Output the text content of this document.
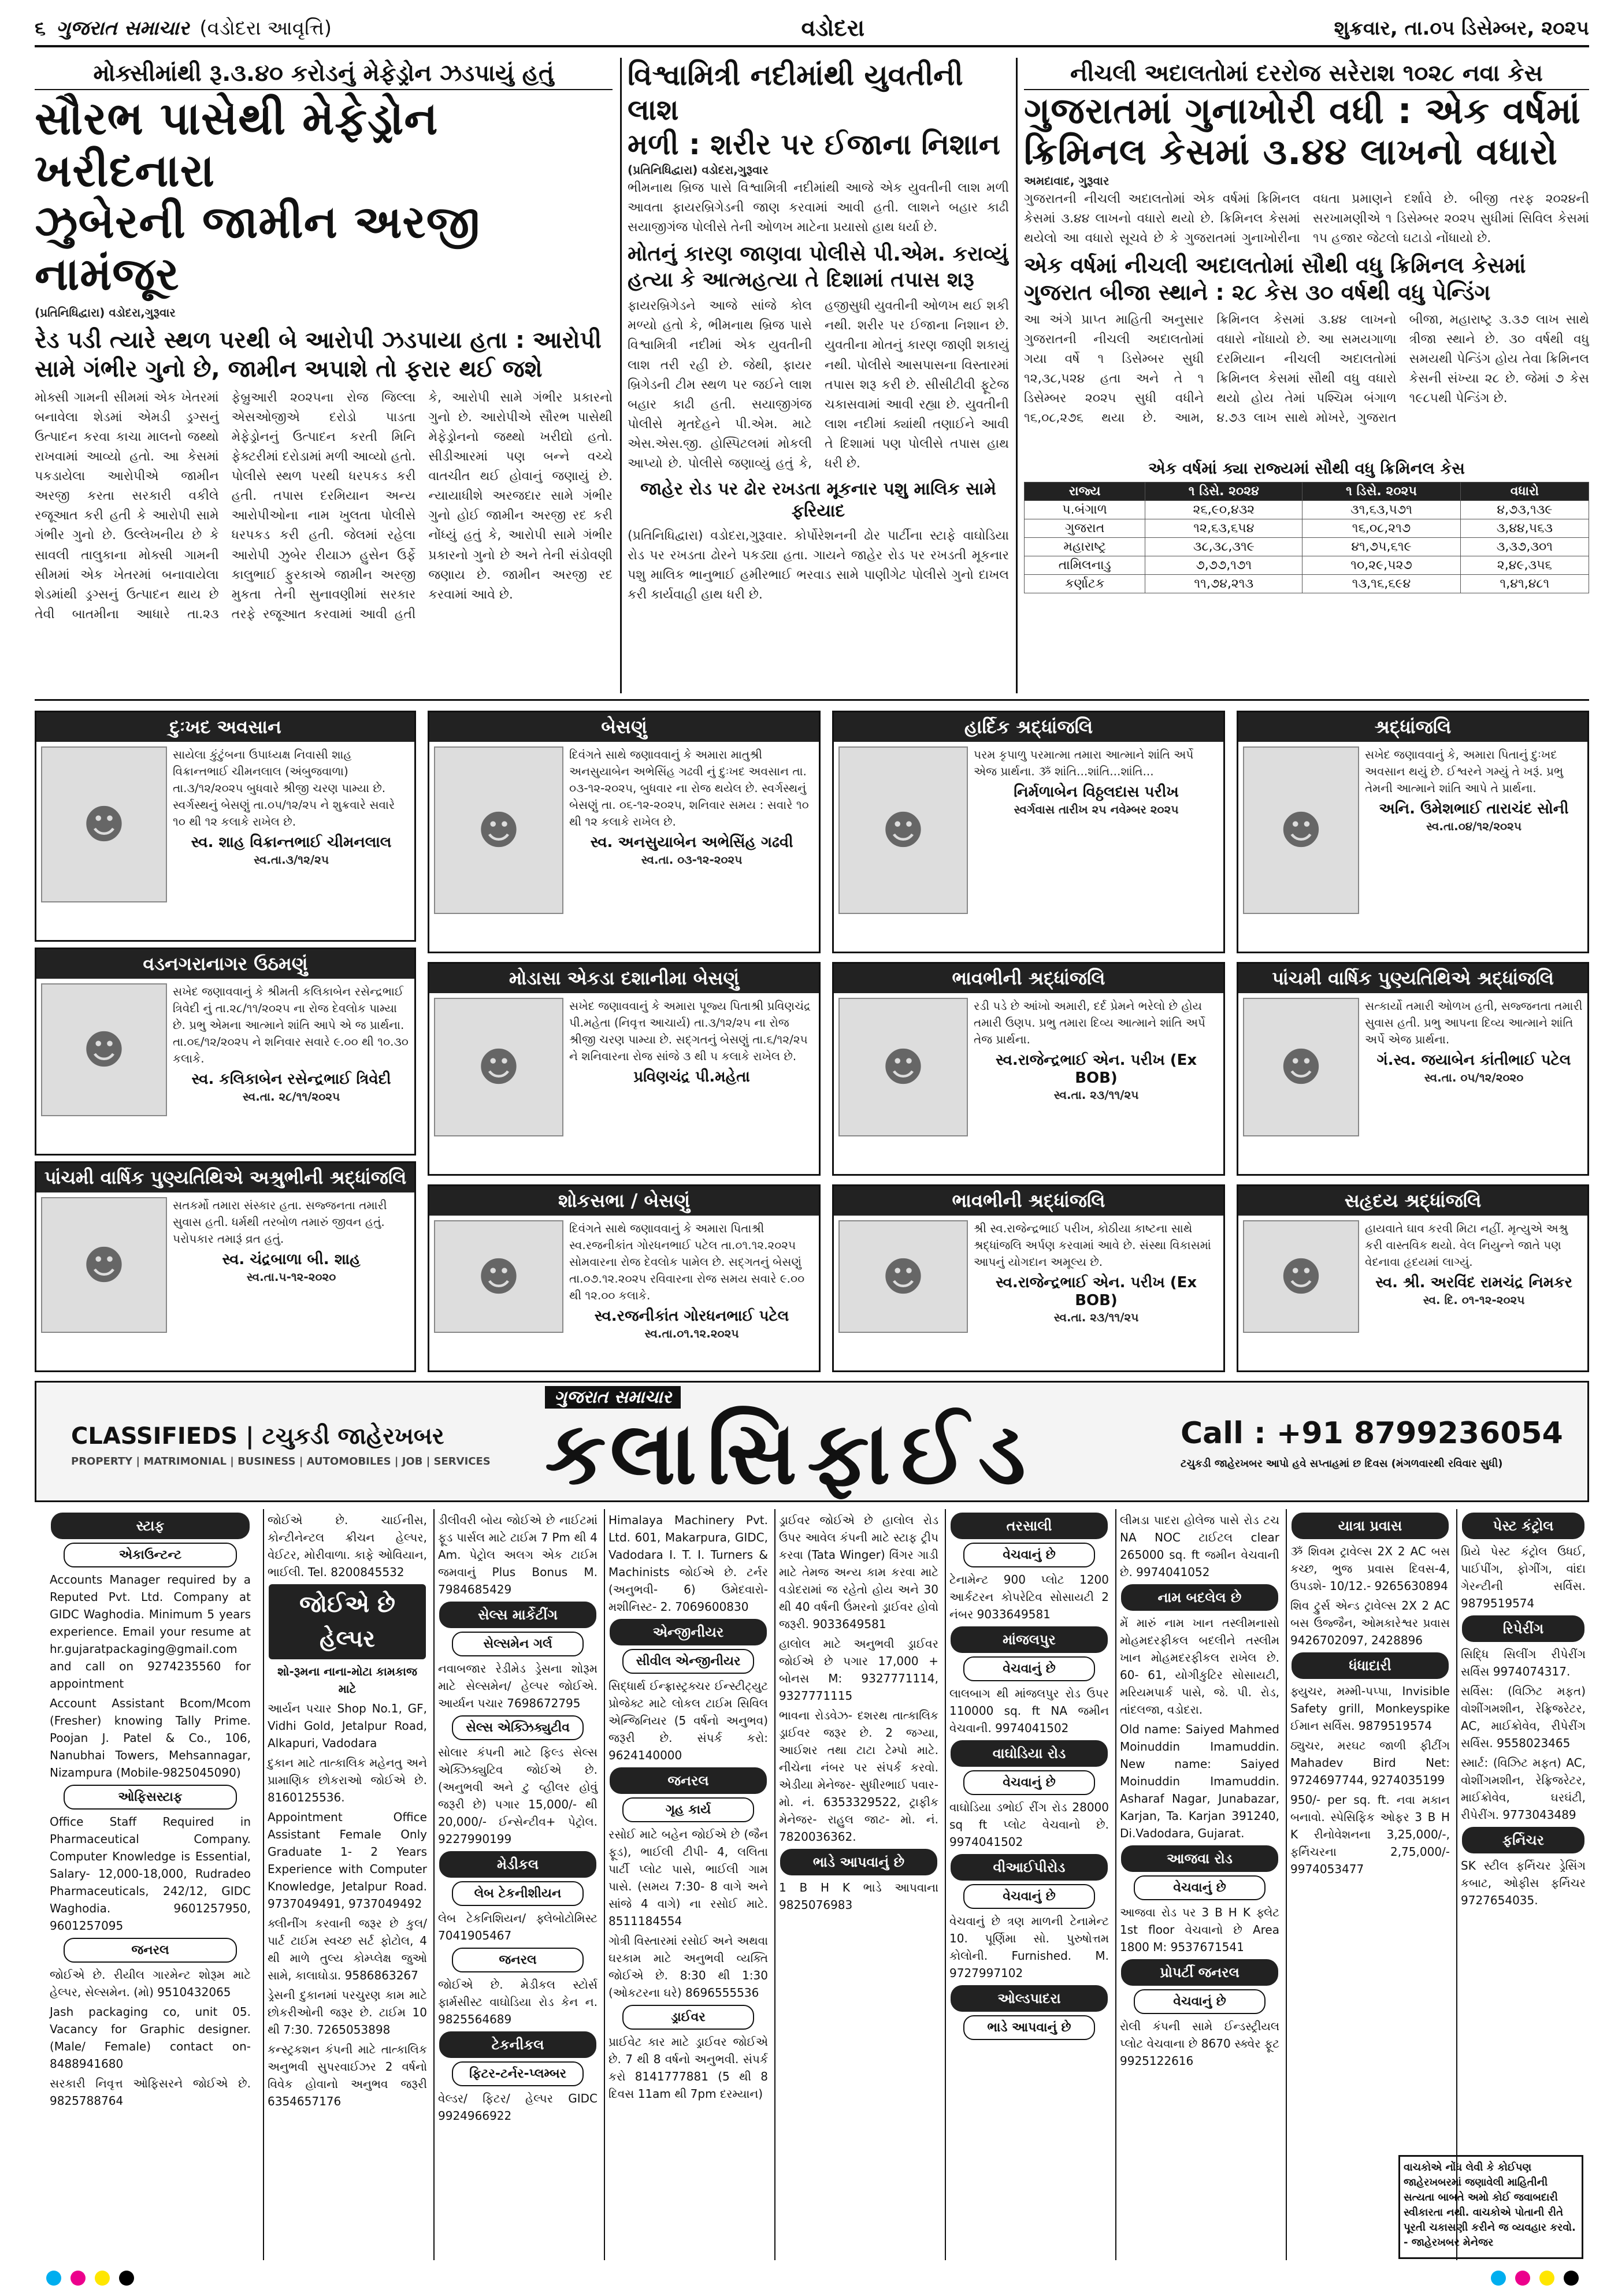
૬ ગુજરાત સમાચાર (વડોદરા આવૃત્તિ)	વડોદરા	શુક્રવાર, તા.૦૫ ડિસેમ્બર, ૨૦૨૫
મોક્સીમાંથી રૂ.૩.૪૦ કરોડનું મેફેડ્રોન ઝડપાયું હતું
સૌરભ પાસેથી મેફેડ્રોન ખરીદનારા
ઝુબેરની જામીન અરજી નામંજૂર
(પ્રતિનિધિદ્વારા) વડોદરા,ગુરૂવાર
રેડ પડી ત્યારે સ્થળ પરથી બે આરોપી ઝડપાયા હતા : આરોપી સામે ગંભીર ગુનો છે, જામીન અપાશે તો ફરાર થઈ જશે
મોક્સી ગામની સીમમાં એક ખેતરમાં બનાવેલા શેડમાં એમડી ડ્રગ્સનું ઉત્પાદન કરવા કાચા માલનો જથ્થો રાખવામાં આવ્યો હતો. આ કેસમાં પકડાયેલા આરોપીએ જામીન અરજી કરતા સરકારી વકીલે રજૂઆત કરી હતી કે આરોપી સામે ગંભીર ગુનો છે. ઉલ્લેખનીય છે કે સાવલી તાલુકાના મોક્સી ગામની સીમમાં એક ખેતરમાં બનાવાયેલા શેડમાંથી ડ્રગ્સનું ઉત્પાદન થાય છે તેવી બાતમીના આધારે તા.૨૩ ફેબ્રુઆરી ૨૦૨૫ના રોજ જિલ્લા એસઓજીએ દરોડો પાડતા મેફેડ્રોનનું ઉત્પાદન કરતી મિનિ ફેક્ટરીમાં દરોડામાં મળી આવ્યો હતો. પોલીસે સ્થળ પરથી ધરપકડ કરી હતી. તપાસ દરમિયાન અન્ય આરોપીઓના નામ ખુલતા પોલીસે ધરપકડ કરી હતી. જેલમાં રહેલા આરોપી ઝુબેર રીયાઝ હુસેન ઉર્ફે કાલુભાઈ ફુરકાએ જામીન અરજી મુકતા તેની સુનાવણીમાં સરકાર તરફે રજૂઆત કરવામાં આવી હતી કે, આરોપી સામે ગંભીર પ્રકારનો ગુનો છે. આરોપીએ સૌરભ પાસેથી મેફેડ્રોનનો જથ્થો ખરીદ્યો હતો. સીડીઆરમાં પણ બન્ને વચ્ચે વાતચીત થઈ હોવાનું જણાયું છે. ન્યાયાધીશે અરજદાર સામે ગંભીર ગુનો હોઈ જામીન અરજી રદ કરી નોંધ્યું હતું કે, આરોપી સામે ગંભીર પ્રકારનો ગુનો છે અને તેની સંડોવણી જણાય છે. જામીન અરજી રદ કરવામાં આવે છે.
વિશ્વામિત્રી નદીમાંથી યુવતીની લાશ
મળી : શરીર પર ઈજાના નિશાન
(પ્રતિનિધિદ્વારા) વડોદરા,ગુરૂવાર
ભીમનાથ બ્રિજ પાસે વિશ્વામિત્રી નદીમાંથી આજે એક યુવતીની લાશ મળી આવતા ફાયરબ્રિગેડની જાણ કરવામાં આવી હતી. લાશને બહાર કાઢી સયાજીગંજ પોલીસે તેની ઓળખ માટેના પ્રયાસો હાથ ધર્યા છે.
મોતનું કારણ જાણવા પોલીસે પી.એમ. કરાવ્યું હત્યા કે આત્મહત્યા તે દિશામાં તપાસ શરૂ
ફાયરબ્રિગેડને આજે સાંજે કોલ મળ્યો હતો કે, ભીમનાથ બ્રિજ પાસે વિશ્વામિત્રી નદીમાં એક યુવતીની લાશ તરી રહી છે. જેથી, ફાયર બ્રિગેડની ટીમ સ્થળ પર જઈને લાશ બહાર કાઢી હતી. સયાજીગંજ પોલીસે મૃતદેહને પી.એમ. માટે એસ.એસ.જી. હોસ્પિટલમાં મોકલી આપ્યો છે. પોલીસે જણાવ્યું હતું કે, હજીસુધી યુવતીની ઓળખ થઈ શકી નથી. શરીર પર ઈજાના નિશાન છે. યુવતીના મોતનું કારણ જાણી શકાયું નથી. પોલીસે આસપાસના વિસ્તારમાં તપાસ શરૂ કરી છે. સીસીટીવી ફૂટેજ ચકાસવામાં આવી રહ્યા છે. યુવતીની લાશ નદીમાં ક્યાંથી તણાઈને આવી તે દિશામાં પણ પોલીસે તપાસ હાથ ધરી છે.
જાહેર રોડ પર ઢોર રખડતા મૂકનાર પશુ માલિક સામે ફરિયાદ
(પ્રતિનિધિદ્વારા) વડોદરા,ગુરૂવાર. કોર્પોરેશનની ઢોર પાર્ટીના સ્ટાફે વાઘોડિયા રોડ પર રખડતા ઢોરને પકડ્યા હતા. ગાયને જાહેર રોડ પર રખડતી મૂકનાર પશુ માલિક ભાનુભાઈ હમીરભાઈ ભરવાડ સામે પાણીગેટ પોલીસે ગુનો દાખલ કરી કાર્યવાહી હાથ ધરી છે.
નીચલી અદાલતોમાં દરરોજ સરેરાશ ૧૦૨૮ નવા કેસ
ગુજરાતમાં ગુનાખોરી વધી : એક વર્ષમાં
ક્રિમિનલ કેસમાં ૩.૪૪ લાખનો વધારો
અમદાવાદ, ગુરૂવાર
ગુજરાતની નીચલી અદાલતોમાં એક વર્ષમાં ક્રિમિનલ કેસમાં ૩.૪૪ લાખનો વધારો થયો છે. ક્રિમિનલ કેસમાં થયેલો આ વધારો સૂચવે છે કે ગુજરાતમાં ગુનાખોરીના વધતા પ્રમાણને દર્શાવે છે. બીજી તરફ ૨૦૨૪ની સરખામણીએ ૧ ડિસેમ્બર ૨૦૨૫ સુધીમાં સિવિલ કેસમાં ૧૫ હજાર જેટલો ઘટાડો નોંધાયો છે.
એક વર્ષમાં નીચલી અદાલતોમાં સૌથી વધુ ક્રિમિનલ કેસમાં ગુજરાત બીજા સ્થાને : ૨૮ કેસ ૩૦ વર્ષથી વધુ પેન્ડિંગ
આ અંગે પ્રાપ્ત માહિતી અનુસાર ગુજરાતની નીચલી અદાલતોમાં ગયા વર્ષે ૧ ડિસેમ્બર સુધી ૧૨,૩૮,૫૨૪ હતા અને તે ૧ ડિસેમ્બર ૨૦૨૫ સુધી વધીને ૧૬,૦૮,૨૭૬ થયા છે. આમ, ક્રિમિનલ કેસમાં ૩.૪૪ લાખનો વધારો નોંધાયો છે. આ સમયગાળા દરમિયાન નીચલી અદાલતોમાં ક્રિમિનલ કેસમાં સૌથી વધુ વધારો થયો હોય તેમાં પશ્ચિમ બંગાળ ૪.૭૩ લાખ સાથે મોખરે, ગુજરાત બીજા, મહારાષ્ટ્ર ૩.૩૭ લાખ સાથે ત્રીજા સ્થાને છે. ૩૦ વર્ષથી વધુ સમયથી પેન્ડિંગ હોય તેવા ક્રિમિનલ કેસની સંખ્યા ૨૮ છે. જેમાં ૭ કેસ ૧૯૮૫થી પેન્ડિંગ છે.
એક વર્ષમાં ક્યા રાજ્યમાં સૌથી વધુ ક્રિમિનલ કેસ
રાજ્ય	૧ ડિસે. ૨૦૨૪	૧ ડિસે. ૨૦૨૫	વધારો
પ.બંગાળ	૨૬,૯૦,૪૩૨	૩૧,૬૩,૫૭૧	૪,૭૩,૧૩૯
ગુજરાત	૧૨,૬૩,૬૫૪	૧૬,૦૮,૨૧૭	૩,૪૪,૫૬૩
મહારાષ્ટ્ર	૩૮,૩૮,૩૧૯	૪૧,૭૫,૬૧૯	૩,૩૭,૩૦૧
તામિલનાડુ	૭,૭૭,૧૭૧	૧૦,૨૯,૫૨૭	૨,૪૯,૩૫૬
કર્ણાટક	૧૧,૭૪,૨૧૩	૧૩,૧૬,૬૯૪	૧,૪૧,૪૮૧
દુઃખદ અવસાન
☻
સાયેલા કુંટુંબના ઉપાધ્યક્ષ નિવાસી શાહ વિક્રાન્તભાઈ ચીમનલાલ (અંબુજવાળા) તા.૩/૧૨/૨૦૨૫ બુધવારે શ્રીજી ચરણ પામ્યા છે. સ્વર્ગસ્થનું બેસણું તા.૦૫/૧૨/૨૫ ને શુક્રવારે સવારે ૧૦ થી ૧૨ કલાકે રાખેલ છે.
સ્વ. શાહ વિક્રાન્તભાઈ ચીમનલાલ
સ્વ.તા.૩/૧૨/૨૫
વડનગરાનાગર ઉઠમણું
☻
સખેદ જણાવવાનું કે શ્રીમતી કલિકાબેન રસેન્દ્રભાઈ ત્રિવેદી નું તા.૨૮/૧૧/૨૦૨૫ ના રોજ દેવલોક પામ્યા છે. પ્રભુ એમના આત્માને શાંતિ આપે એ જ પ્રાર્થના. તા.૦૬/૧૨/૨૦૨૫ ને શનિવાર સવારે ૯.૦૦ થી ૧૦.૩૦ કલાકે.
સ્વ. કલિકાબેન રસેન્દ્રભાઈ ત્રિવેદી
સ્વ.તા. ૨૮/૧૧/૨૦૨૫
બેસણું
☻
દિવંગતે સાથે જણાવવાનું કે અમારા માતુશ્રી અનસુયાબેન અભેસિંહ ગઢવી નું દુઃખદ અવસાન તા. ૦૩-૧૨-૨૦૨૫, બુધવાર ના રોજ થયેલ છે. સ્વર્ગસ્થનું બેસણું તા. ૦૬-૧૨-૨૦૨૫, શનિવાર સમય : સવારે ૧૦ થી ૧૨ કલાકે રાખેલ છે.
સ્વ. અનસુયાબેન અભેસિંહ ગઢવી
સ્વ.તા. ૦૩-૧૨-૨૦૨૫
હાર્દિક શ્રદ્ધાંજલિ
☻
પરમ કૃપાળુ પરમાત્મા તમારા આત્માને શાંતિ અર્પે એજ પ્રાર્થના. ૐ શાંતિ...શાંતિ...શાંતિ...
નિર્મળાબેન વિઠ્ઠલદાસ પરીખ
સ્વર્ગવાસ તારીખ ૨૫ નવેમ્બર ૨૦૨૫
શ્રદ્ધાંજલિ
☻
સખેદ જણાવવાનું કે, અમારા પિતાનું દુઃખદ અવસાન થયું છે. ઈશ્વરને ગમ્યું તે ખરૂં. પ્રભુ તેમની આત્માને શાંતિ આપે તે પ્રાર્થના.
અનિ. ઉમેશભાઈ તારાચંદ સોની
સ્વ.તા.૦૪/૧૨/૨૦૨૫
પાંચમી વાર્ષિક પુણ્યતિથિએ અશ્રુભીની શ્રદ્ધાંજલિ
☻
સતકર્મો તમારા સંસ્કાર હતા. સજ્જનતા તમારી સુવાસ હતી. ધર્મથી તરબોળ તમારું જીવન હતું. પરોપકાર તમારૂં વ્રત હતું.
સ્વ. ચંદ્રબાળા બી. શાહ
સ્વ.તા.૫-૧૨-૨૦૨૦
મોડાસા એકડા દશાનીમા બેસણું
☻
સખેદ જણાવવાનું કે અમારા પૂજ્ય પિતાશ્રી પ્રવિણચંદ્ર પી.મહેતા (નિવૃત્ત આચાર્ય) તા.૩/૧૨/૨૫ ના રોજ શ્રીજી ચરણ પામ્યા છે. સદ્ગતનું બેસણું તા.૬/૧૨/૨૫ ને શનિવારના રોજ સાંજે ૩ થી ૫ કલાકે રાખેલ છે.
પ્રવિણચંદ્ર પી.મહેતા
ભાવભીની શ્રદ્ધાંજલિ
☻
રડી પડે છે આંખો અમારી, દર્દ પ્રેમને ભરેલો છે હોય તમારી ઉણપ. પ્રભુ તમારા દિવ્ય આત્માને શાંતિ અર્પે તેજ પ્રાર્થના.
સ્વ.રાજેન્દ્રભાઈ એન. પરીખ (Ex BOB)
સ્વ.તા. ૨૩/૧૧/૨૫
પાંચમી વાર્ષિક પુણ્યતિથિએ શ્રદ્ધાંજલિ
☻
સત્કાર્યો તમારી ઓળખ હતી, સજ્જનતા તમારી સુવાસ હતી. પ્રભુ આપના દિવ્ય આત્માને શાંતિ અર્પે એજ પ્રાર્થના.
ગં.સ્વ. જયાબેન કાંતીભાઈ પટેલ
સ્વ.તા. ૦૫/૧૨/૨૦૨૦
શોકસભા / બેસણું
☻
દિવંગતે સાથે જણાવવાનું કે અમારા પિતાશ્રી સ્વ.રજનીકાંત ગોરધનભાઈ પટેલ તા.૦૧.૧૨.૨૦૨૫ સોમવારના રોજ દેવલોક પામેલ છે. સદ્ગતનું બેસણું તા.૦૭.૧૨.૨૦૨૫ રવિવારના રોજ સમય સવારે ૯.૦૦ થી ૧૨.૦૦ કલાકે.
સ્વ.રજનીકાંત ગોરધનભાઈ પટેલ
સ્વ.તા.૦૧.૧૨.૨૦૨૫
ભાવભીની શ્રદ્ધાંજલિ
☻
શ્રી સ્વ.રાજેન્દ્રભાઈ પરીખ, કોઠીયા કાષ્ટના સાથે શ્રદ્ધાંજલિ અર્પણ કરવામાં આવે છે. સંસ્થા વિકાસમાં આપનું યોગદાન અમૂલ્ય છે.
સ્વ.રાજેન્દ્રભાઈ એન. પરીખ (Ex BOB)
સ્વ.તા. ૨૩/૧૧/૨૫
સહૃદય શ્રદ્ધાંજલિ
☻
હાયવાતે ઘાવ કરવી મિટા નહીં. મૃત્યુએ અશ્રુ કરી વાસ્તવિક થયો. વેલ નિયુન્ને જાતે પણ વેદનાવા હૃદયમાં લાગ્યું.
સ્વ. શ્રી. અરવિંદ રામચંદ્ર નિમકર
સ્વ. દિ. ૦૧-૧૨-૨૦૨૫
ગુજરાત સમાચાર
ક્લાસિફાઈડ
CLASSIFIEDS | ટચુકડી જાહેરખબર
PROPERTY | MATRIMONIAL | BUSINESS | AUTOMOBILES | JOB | SERVICES
Call : +91 8799236054
ટચુકડી જાહેરખબર આપો હવે સપ્તાહમાં છ દિવસ (મંગળવારથી રવિવાર સુધી)
સ્ટાફ
એકાઉન્ટન્ટ
Accounts Manager required by a Reputed Pvt. Ltd. Company at GIDC Waghodia. Minimum 5 years experience. Email your resume at hr.gujaratpackaging@gmail.com and call on 9274235560 for appointment
Account Assistant Bcom/Mcom (Fresher) knowing Tally Prime. Poojan J. Patel & Co., 106, Nanubhai Towers, Mehsannagar, Nizampura (Mobile-9825045090)
ઓફિસસ્ટાફ
Office Staff Required in Pharmaceutical Company. Computer Knowledge is Essential, Salary- 12,000-18,000, Rudradeo Pharmaceuticals, 242/12, GIDC Waghodia. 9601257950, 9601257095
જનરલ
જોઈએ છે. રીયીલ ગારમેન્ટ શોરૂમ માટે હેલ્પર, સેલ્સમેન. (મો) 9510432065
Jash packaging co, unit 05. Vacancy for Graphic designer. (Male/ Female) contact on- 8488941680
સરકારી નિવૃત્ત ઓફિસરને જોઈએ છે. 9825788764
જોઈએ છે. ચાઈનીસ, કોન્ટીનેન્ટલ ક્રીચન હેલ્પર, વેઈટર, મોરીવાળા. કાફે ઓવિયાન, ભાઈલી. Tel. 8200845532
જોઈએ છે હેલ્પર
શો-રૂમના નાના-મોટા કામકાજ માટે
આર્યન પચાર Shop No.1, GF, Vidhi Gold, Jetalpur Road, Alkapuri, Vadodara
દુકાન માટે તાત્કાલિક મહેનતુ અને પ્રામાણિક છોકરાઓ જોઈએ છે. 8160125536.
Appointment Office Assistant Female Only Graduate 1- 2 Years Experience with Computer Knowledge, Jetalpur Road. 9737049491, 9737049492
ક્લીનીંગ કરવાની જરૂર છે કુલ/પાર્ટ ટાઈમ સ્વચ્છ સર્ટ ફોટોલ, 4 થી માળે તુલ્ય કોમ્પ્લેક્ષ જુઓ સામે, કાલાઘોડા. 9586863267
ડ્રેસની દુકાનમાં પરચુરણ કામ માટે છોકરીઓની જરૂર છે. ટાઈમ 10 થી 7:30. 7265053898
કન્સ્ટ્રકશન કંપની માટે તાત્કાલિક અનુભવી સુપરવાઈઝર 2 વર્ષનો વિવેક હોવાનો અનુભવ જરૂરી 6354657176
ડીલીવરી બોય જોઈએ છે નાઈટમાં ફૂડ પાર્સલ માટે ટાઈમ 7 Pm થી 4 Am. પેટ્રોલ અલગ એક ટાઈમ જમવાનું Plus Bonus M. 7984685429
સેલ્સ માર્કેટીંગ
સેલ્સમેન ગર્લ
નવાબજાર રેડીમેડ ડ્રેસના શોરૂમ માટે સેલ્સમેન/ હેલ્પર જોઈએ. આર્ય્ધન પચાર 7698672795
સેલ્સ એક્ઝિક્યુટીવ
સોલાર કંપની માટે ફિલ્ડ સેલ્સ એક્ઝિક્યુટિવ જોઈએ છે. (અનુભવી અને ટુ વ્હીલર હોવું જરૂરી છે) પગાર 15,000/- થી 20,000/- ઈન્સેન્ટીવ+ પેટ્રોલ. 9227990199
મેડીકલ
લેબ ટેકનીશીયન
લેબ ટેકનિશિયન/ ફ્લેબોટોમિસ્ટ 7041905467
જનરલ
જોઈએ છે. મેડીકલ સ્ટોર્સ ફાર્મસીસ્ટ વાઘોડિયા રોડ કેન ન. 9825564689
ટેકનીકલ
ફિટર-ટર્નર-પ્લમ્બર
વેલ્ડર/ ફિટર/ હેલ્પર GIDC 9924966922
Himalaya Machinery Pvt. Ltd. 601, Makarpura, GIDC, Vadodara I. T. I. Turners & Machinists જોઈએ છે. ટર્નર (અનુભવી- 6) ઉમેદવારો- મશીનિસ્ટ- 2. 7069600830
એન્જીનીયર
સીવીલ એન્જીનીયર
સિદ્ધાર્થ ઈન્ફ્રાસ્ટ્રક્ચર ઈન્સ્ટીટ્યુટ પ્રોજેક્ટ માટે લોકલ ટાઈમ સિવિલ એન્જિનિયર (5 વર્ષનો અનુભવ) જરૂરી છે. સંપર્ક કરો: 9624140000
જનરલ
ગૃહ કાર્ય
રસોઈ માટે બહેન જોઈએ છે (જૈન ફૂડ), ભાઈલી ટીપી- 4, લલિતા પાર્ટી પ્લોટ પાસે, ભાઈલી ગામ પાસે. (સમય 7:30- 8 વાગે અને સાંજે 4 વાગે) ના રસોઈ માટે. 8511184554
ગોત્રી વિસ્તારમાં રસોઈ અને અથવા ઘરકામ માટે અનુભવી વ્યક્તિ જોઈએ છે. 8:30 થી 1:30 (ઓકટરના ઘરે) 8696555536
ડ્રાઈવર
પ્રાઈવેટ કાર માટે ડ્રાઈવર જોઈએ છે. 7 થી 8 વર્ષનો અનુભવી. સંપર્ક કરો 8141777881 (5 થી 8 દિવસ 11am થી 7pm દરમ્યાન)
ડ્રાઈવર જોઈએ છે હાલોલ રોડ ઉપર આવેલ કંપની માટે સ્ટાફ ટ્રીપ કરવા (Tata Winger) વિંગર ગાડી માટે તેમજ અન્ય કામ કરવા માટે વડોદરામાં જ રહેતો હોય અને 30 થી 40 વર્ષની ઉંમરનો ડ્રાઈવર હોવો જરૂરી. 9033649581
હાલોલ માટે અનુભવી ડ્રાઈવર જોઈએ છે પગાર 17,000 + બોનસ M: 9327771114, 9327771115
ભાવના રોડવેઝ- દશરથ તાત્કાલિક ડ્રાઈવર જરૂર છે. 2 જગ્યા, આઈશર તથા ટાટા ટેમ્પો માટે. નીચેના નંબર પર સંપર્ક કરવો. એડીયા મેનેજર- સુધીરભાઈ પવાર- મો. નં. 6353329522, ટ્રાફીક મેનેજર- રાહુલ જાટ- મો. નં. 7820036362.
ભાડે આપવાનું છે
1 B H K ભાડે આપવાના 9825076983
તરસાલી
વેચવાનું છે
ટેનામેન્ટ 900 પ્લોટ 1200 આર્કટરન કોપરેટિવ સોસાયટી 2 નંબર 9033649581
માંજલપુર
વેચવાનું છે
લાલબાગ થી માંજલપુર રોડ ઉપર 110000 sq. ft NA જમીન વેચવાની. 9974041502
વાઘોડિયા રોડ
વેચવાનું છે
વાઘોડિયા ડભોઈ રીંગ રોડ 28000 sq ft પ્લોટ વેચવાનો છે. 9974041502
વીઆઈપીરોડ
વેચવાનું છે
વેચવાનું છે ત્રણ માળની ટેનામેન્ટ 10. પૂર્ણિમા સો. પુરુષોત્તમ કોલોની. Furnished. M. 9727997102
ઓલ્ડપાદરા
ભાડે આપવાનું છે
લીમડા પાદરા હોલેજ પાસે રોડ ટચ NA NOC ટાઈટલ clear 265000 sq. ft જમીન વેચવાની છે. 9974041052
નામ બદલેલ છે
મેં મારું નામ ખાન તસ્લીમનાસો મોહમદરફીકલ બદલીને તસ્લીમ ખાન મોહમદરફીકલ રાખેલ છે. 60- 61, યોગીકુટિર સોસાયટી, મરિયમપાર્ક પાસે, જે. પી. રોડ, તાંદલજા, વડોદરા.
Old name: Saiyed Mahmed Moinuddin Imamuddin. New name: Saiyed Moinuddin Imamuddin. Asharaf Nagar, Junabazar, Karjan, Ta. Karjan 391240, Di.Vadodara, Gujarat.
આજવા રોડ
વેચવાનું છે
આજવા રોડ પર 3 B H K ફ્લેટ 1st floor વેચવાનો છે Area 1800 M: 9537671541
પ્રોપર્ટી જનરલ
વેચવાનું છે
રોલી કંપની સામે ઈન્ડસ્ટ્રીયલ પ્લોટ વેચવાના છે 8670 સ્ક્વેર ફૂટ 9925122616
યાત્રા પ્રવાસ
ૐ શિવમ ટ્રાવેલ્સ 2X 2 AC બસ કચ્છ, ભુજ પ્રવાસ દિવસ-4, ઉપડશે- 10/12.- 9265630894
શિવ ટ્રુર્સ એન્ડ ટ્રાવેલ્સ 2X 2 AC બસ ઉજ્જૈન, ઓમકારેશ્વર પ્રવાસ 9426702097, 2428896
ધંધાદારી
ફ્યુચર, મમ્મી-પપ્પા, Invisible Safety grill, Monkeyspike ઈમાન સર્વિસ. 9879519574
ઠ્યુચર, મરઘટ જાળી ફીટીંગ Mahadev Bird Net: 9724697744, 9274035199
950/- per sq. ft. નવા મકાન બનાવો. સ્પેસિફિક ઓફર 3 B H K રીનોવેશનના 3,25,000/-, ફર્નિચરના 2,75,000/- 9974053477
પેસ્ટ કંટ્રોલ
પ્રિયે પેસ્ટ કંટ્રોલ ઉધઈ, પાઈપીંગ, ફોગીંગ, વાંદા ગેરન્ટીની સર્વિસ. 9879519574
રિપેરીંગ
સિદ્ધિ સિલીંગ રીપેરીંગ સર્વિસ 9974074317.
સર્વિસ: (વિઝિટ મફત) વોશીંગમશીન, રેફ્રિજરેટર, AC, માઈક્રોવેવ, રીપેરીંગ સર્વિસ. 9558023465
સ્માર્ટ: (વિઝિટ મફત) AC, વોશીંગમશીન, રેફ્રિજરેટર, માઈક્રોવેવ, ઘરઘંટી, રીપેરીંગ. 9773043489
ફર્નિચર
SK સ્ટીલ ફર્નિચર ડ્રેસિંગ કબાટ, ઓફીસ ફર્નિચર 9727654035.
વાચકોએ નોંધ લેવી કે કોઈપણ જાહેરખબરમાં જણાવેલી માહિતીની સત્યતા બાબતે અમો કોઈ જવાબદારી સ્વીકારતા નથી. વાચકોએ પોતાની રીતે પૂરતી ચકાસણી કરીને જ વ્યવહાર કરવો. - જાહેરખબર મેનેજર
